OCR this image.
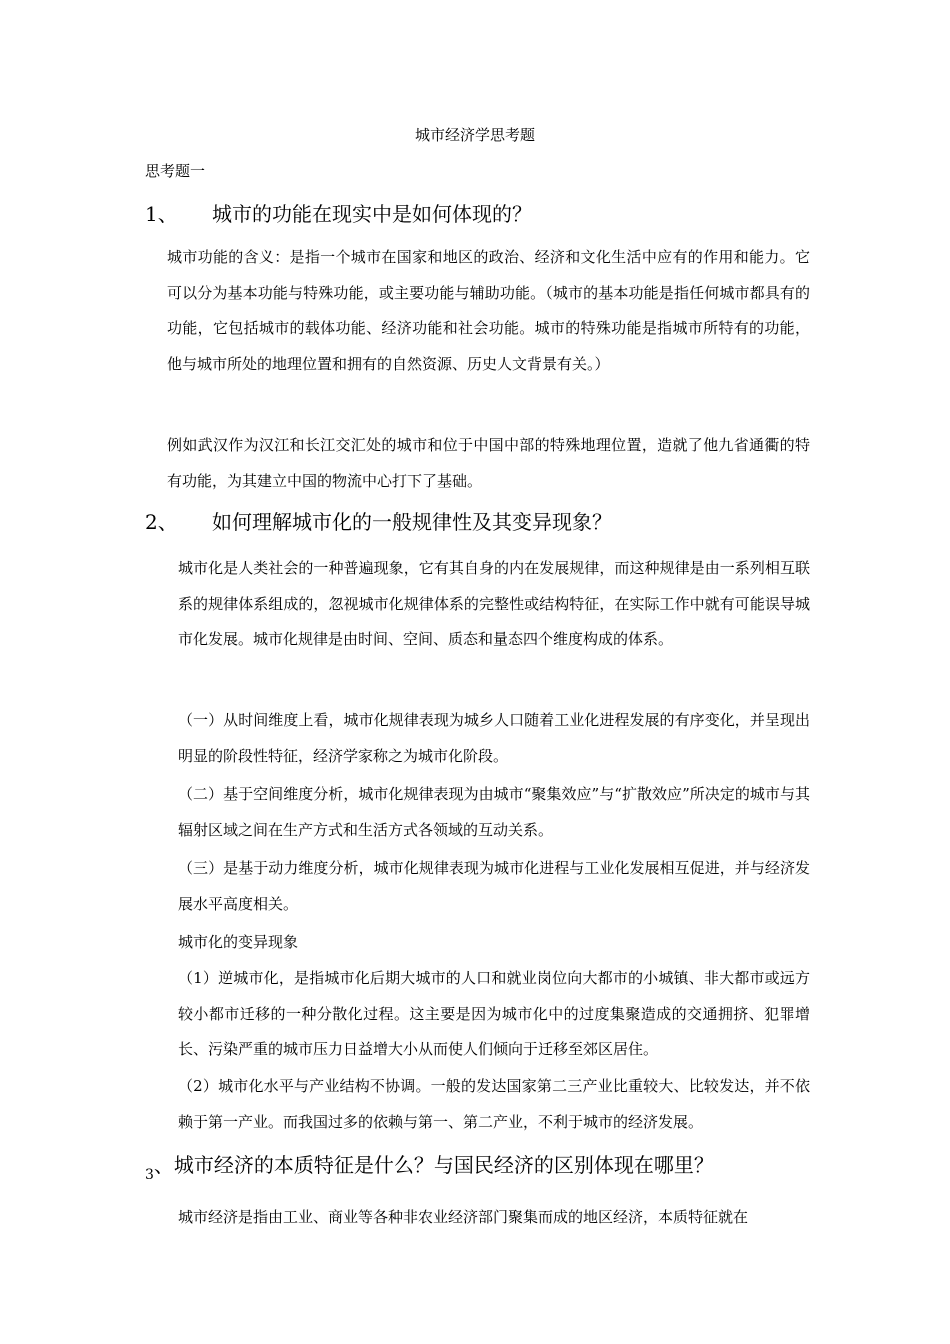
城市经济学思考题
思考题一
1、 城市的功能在现实中是如何体现的？
城市功能的含义：是指一个城市在国家和地区的政治、经济和文化生活中应有的作用和能力。它可以分为基本功能与特殊功能，或主要功能与辅助功能。（城市的基本功能是指任何城市都具有的功能，它包括城市的载体功能、经济功能和社会功能。城市的特殊功能是指城市所特有的功能，他与城市所处的地理位置和拥有的自然资源、历史人文背景有关。）
例如武汉作为汉江和长江交汇处的城市和位于中国中部的特殊地理位置，造就了他九省通衢的特有功能，为其建立中国的物流中心打下了基础。
2、 如何理解城市化的一般规律性及其变异现象？
城市化是人类社会的一种普遍现象，它有其自身的内在发展规律，而这种规律是由一系列相互联系的规律体系组成的，忽视城市化规律体系的完整性或结构特征，在实际工作中就有可能误导城市化发展。城市化规律是由时间、空间、质态和量态四个维度构成的体系。
（一）从时间维度上看，城市化规律表现为城乡人口随着工业化进程发展的有序变化，并呈现出明显的阶段性特征，经济学家称之为城市化阶段。
（二）基于空间维度分析，城市化规律表现为由城市“聚集效应”与“扩散效应”所决定的城市与其辐射区域之间在生产方式和生活方式各领域的互动关系。
（三）是基于动力维度分析，城市化规律表现为城市化进程与工业化发展相互促进，并与经济发展水平高度相关。
城市化的变异现象
（1）逆城市化，是指城市化后期大城市的人口和就业岗位向大都市的小城镇、非大都市或远方较小都市迁移的一种分散化过程。这主要是因为城市化中的过度集聚造成的交通拥挤、犯罪增长、污染严重的城市压力日益增大小从而使人们倾向于迁移至郊区居住。
（2）城市化水平与产业结构不协调。一般的发达国家第二三产业比重较大、比较发达，并不依赖于第一产业。而我国过多的依赖与第一、第二产业，不利于城市的经济发展。
3、城市经济的本质特征是什么？与国民经济的区别体现在哪里？
城市经济是指由工业、商业等各种非农业经济部门聚集而成的地区经济，本质特征就在
